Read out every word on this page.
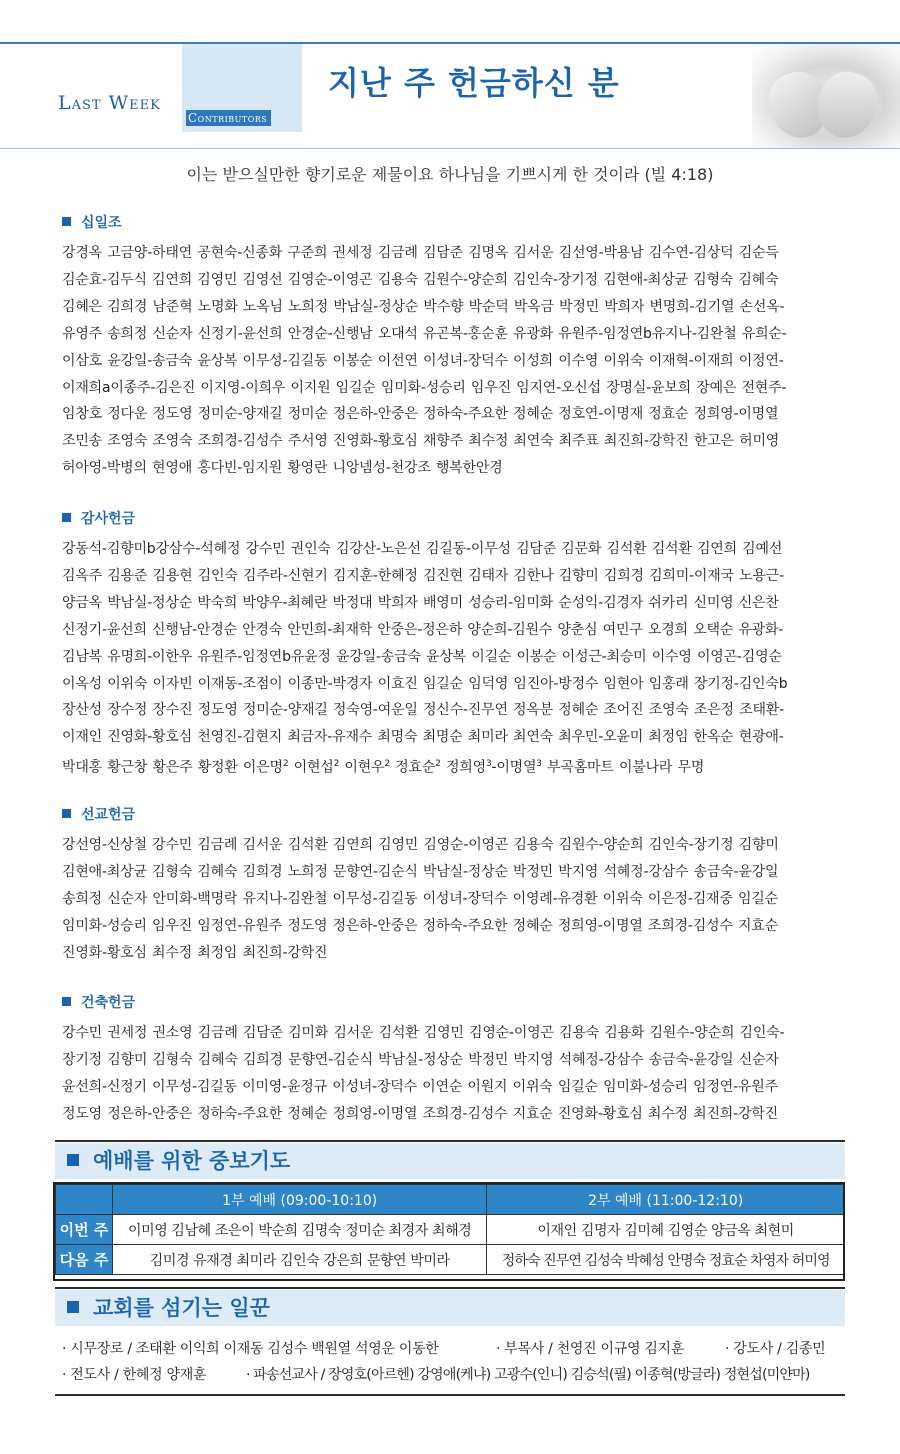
Last Week
Contributors
지난 주 헌금하신 분
이는 받으실만한 향기로운 제물이요 하나님을 기쁘시게 한 것이라 (빌 4:18)
십일조
강경옥 고금양-하태연 공현숙-신종화 구준희 권세정 김금례 김담준 김명옥 김서운 김선영-박용남 김수연-김상덕 김순득
김순효-김두식 김연희 김영민 김영선 김영순-이영곤 김용숙 김원수-양순희 김인숙-장기정 김현애-최상균 김형숙 김혜숙
김혜은 김희경 남준혁 노명화 노옥님 노희정 박남실-정상순 박수향 박순덕 박옥금 박정민 박희자 변명희-김기열 손선옥-
유영주 송희정 신순자 신정기-윤선희 안경순-신행남 오대석 유곤복-홍순훈 유광화 유원주-임정연b유지나-김완철 유희순-
이삼호 윤강일-송금숙 윤상복 이무성-김길동 이봉순 이선연 이성녀-장덕수 이성희 이수영 이위숙 이재혁-이재희 이정연-
이재희a이종주-김은진 이지영-이희우 이지원 임길순 임미화-성승리 임우진 임지연-오신섭 장명실-윤보희 장예은 전현주-
임창호 정다운 정도영 정미순-양재길 정미순 정은하-안중은 정하숙-주요한 정혜순 정호연-이명재 정효순 정희영-이명열
조민송 조영숙 조영숙 조희경-김성수 주서영 진영화-황호심 채향주 최수정 최연숙 최주표 최진희-강학진 한고은 허미영
허아영-박병의 현영애 홍다빈-임지원 황영란 니앙넴성-천강조 행복한안경
감사헌금
강동석-김향미b강삼수-석혜정 강수민 권인숙 김강산-노은선 김길동-이무성 김담준 김문화 김석환 김석환 김연희 김예선
김옥주 김용준 김용현 김인숙 김주라-신현기 김지훈-한혜정 김진현 김태자 김한나 김향미 김희경 김희미-이재국 노용근-
양금옥 박남실-정상순 박숙희 박양우-최혜란 박정대 박희자 배영미 성승리-임미화 순성익-김경자 쉬카리 신미영 신은찬
신정기-윤선희 신행남-안경순 안경숙 안민희-최재학 안중은-정은하 양순희-김원수 양춘심 여민구 오경희 오택순 유광화-
김남복 유명희-이한우 유원주-임정연b유윤정 윤강일-송금숙 윤상복 이길순 이봉순 이성근-최승미 이수영 이영곤-김영순
이옥성 이위숙 이자빈 이재동-조점이 이종만-박경자 이효진 임길순 임덕영 임진아-방정수 임현아 임홍래 장기정-김인숙b
장산성 장수정 장수진 정도영 정미순-양재길 정숙영-여운일 정신수-진무연 정옥분 정혜순 조어진 조영숙 조은정 조태환-
이재인 진영화-황호심 천영진-김현지 최금자-유재수 최명숙 최명순 최미라 최연숙 최우민-오윤미 최정임 한옥순 현광애-
박대홍 황근창 황은주 황정환 이은명$^2$ 이현섭$^2$ 이현우$^2$ 정효순$^2$ 정희영$^3$-이명열$^3$ 부곡홈마트 이불나라 무명
선교헌금
강선영-신상철 강수민 김금례 김서운 김석환 김연희 김영민 김영순-이영곤 김용숙 김원수-양순희 김인숙-장기정 김향미
김현애-최상균 김형숙 김혜숙 김희경 노희정 문향연-김순식 박남실-정상순 박정민 박지영 석혜정-강삼수 송금숙-윤강일
송희정 신순자 안미화-백명락 유지나-김완철 이무성-김길동 이성녀-장덕수 이영례-유경환 이위숙 이은정-김재중 임길순
임미화-성승리 임우진 임정연-유원주 정도영 정은하-안중은 정하숙-주요한 정혜순 정희영-이명열 조희경-김성수 지효순
진영화-황호심 최수정 최정임 최진희-강학진
건축헌금
강수민 권세정 권소영 김금례 김담준 김미화 김서운 김석환 김영민 김영순-이영곤 김용숙 김용화 김원수-양순희 김인숙-
장기정 김향미 김형숙 김혜숙 김희경 문향연-김순식 박남실-정상순 박정민 박지영 석혜정-강삼수 송금숙-윤강일 신순자
윤선희-신정기 이무성-김길동 이미영-윤정규 이성녀-장덕수 이연순 이원지 이위숙 임길순 임미화-성승리 임정연-유원주
정도영 정은하-안중은 정하숙-주요한 정혜순 정희영-이명열 조희경-김성수 지효순 진영화-황호심 최수정 최진희-강학진
예배를 위한 중보기도
	1부 예배 (09:00-10:10)	2부 예배 (11:00-12:10)
이번 주	이미영 김남혜 조은이 박순희 김명숙 정미순 최경자 최해경	이재인 김명자 김미혜 김영순 양금옥 최현미
다음 주	김미경 유재경 최미라 김인숙 강은희 문향연 박미라	정하숙 진무연 김성숙 박혜성 안명숙 정효순 차영자 허미영
교회를 섬기는 일꾼
· 시무장로 / 조태환 이익희 이재동 김성수 백원열 석영운 이동한	· 부목사 / 천영진 이규영 김지훈	· 강도사 / 김종민
· 전도사 / 한혜정 양재훈	· 파송선교사 / 장영호(아르헨) 강영애(케냐) 고광수(인니) 김승석(필) 이종혁(방글라) 정현섭(미얀마)
